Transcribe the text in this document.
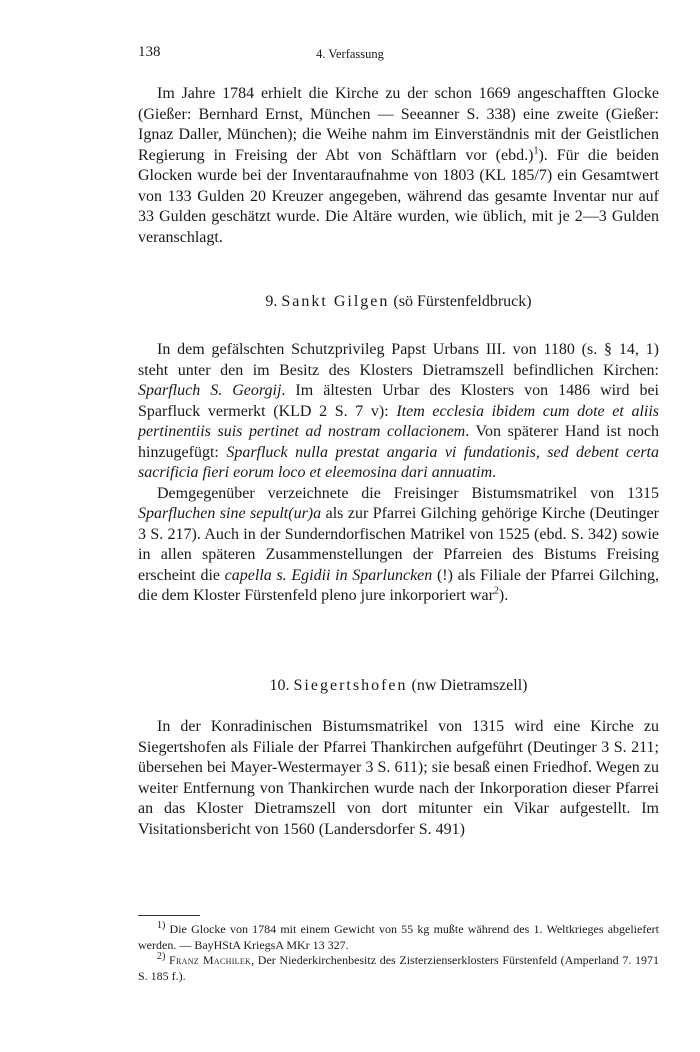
138	4. Verfassung

Im Jahre 1784 erhielt die Kirche zu der schon 1669 angeschafften Glocke (Gießer: Bernhard Ernst, München — Seeanner S. 338) eine zweite (Gießer: Ignaz Daller, München); die Weihe nahm im Einverständnis mit der Geistlichen Regierung in Freising der Abt von Schäftlarn vor $(ebd.)^1$). Für die beiden Glocken wurde bei der Inventaraufnahme von 1803 (KL 185/7) ein Gesamtwert von 133 Gulden 20 Kreuzer angegeben, während das gesamte Inventar nur auf 33 Gulden geschätzt wurde. Die Altäre wurden, wie üblich, mit je 2—3 Gulden veranschlagt.

9. Sankt Gilgen (sö Fürstenfeldbruck)

In dem gefälschten Schutzprivileg Papst Urbans III. von 1180 (s. § 14, 1) steht unter den im Besitz des Klosters Dietramszell befindlichen Kirchen: Sparfluch S. Georgij. Im ältesten Urbar des Klosters von 1486 wird bei Sparfluck vermerkt (KLD 2 S. 7 v): Item ecclesia ibidem cum dote et aliis pertinentiis suis pertinet ad nostram collacionem. Von späterer Hand ist noch hinzugefügt: Sparfluck nulla prestat angaria vi fundationis, sed debent certa sacrificia fieri eorum loco et eleemosina dari annuatim.

Demgegenüber verzeichnete die Freisinger Bistumsmatrikel von 1315 Sparfluchen sine sepult(ur)a als zur Pfarrei Gilching gehörige Kirche (Deutinger 3 S. 217). Auch in der Sunderndorfischen Matrikel von 1525 (ebd. S. 342) sowie in allen späteren Zusammenstellungen der Pfarreien des Bistums Freising erscheint die capella s. Egidii in Sparluncken (!) als Filiale der Pfarrei Gilching, die dem Kloster Fürstenfeld pleno jure inkorporiert war$^2$).

10. Siegertshofen (nw Dietramszell)

In der Konradinischen Bistumsmatrikel von 1315 wird eine Kirche zu Siegertshofen als Filiale der Pfarrei Thankirchen aufgeführt (Deutinger 3 S. 211; übersehen bei Mayer-Westermayer 3 S. 611); sie besaß einen Friedhof. Wegen zu weiter Entfernung von Thankirchen wurde nach der Inkorporation dieser Pfarrei an das Kloster Dietramszell von dort mitunter ein Vikar aufgestellt. Im Visitationsbericht von 1560 (Landersdorfer S. 491)

$^{1)}$ Die Glocke von 1784 mit einem Gewicht von 55 kg mußte während des 1. Weltkrieges abgeliefert werden. — BayHStA KriegsA MKr 13 327.

$^{2)}$ Franz Machilek, Der Niederkirchenbesitz des Zisterzienserklosters Fürstenfeld (Amperland 7. 1971 S. 185 f.).
